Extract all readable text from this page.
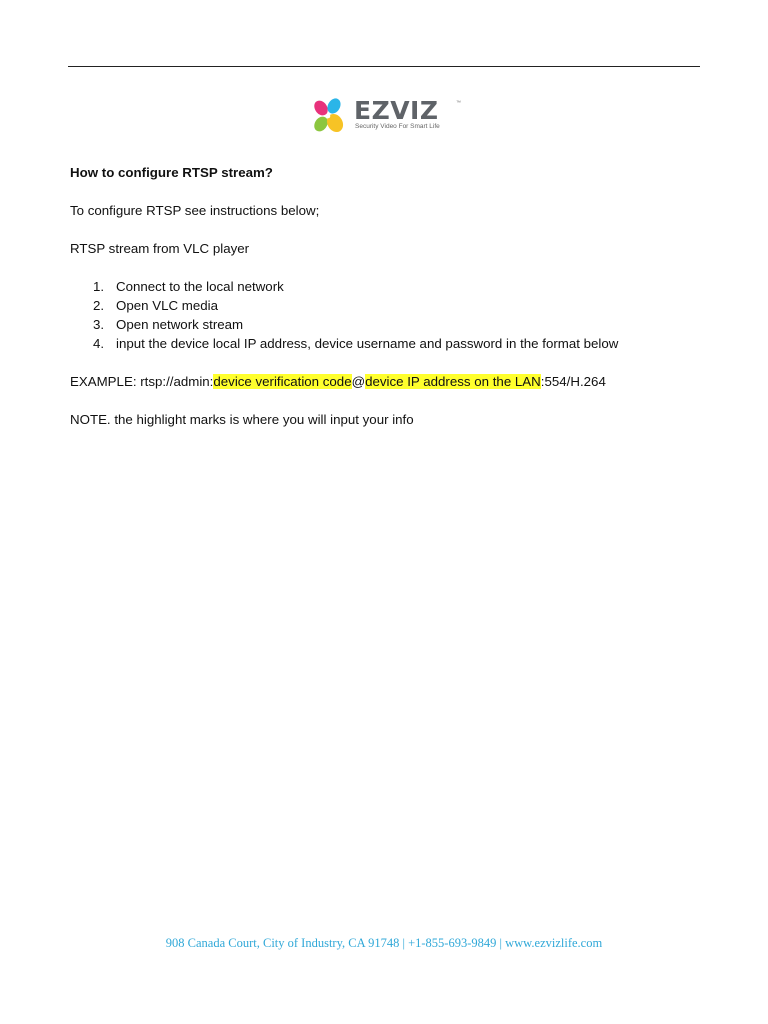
EZVIZ	™
Security Video For Smart Life
How to configure RTSP stream?
To configure RTSP see instructions below;
RTSP stream from VLC player
1. Connect to the local network
2. Open VLC media
3. Open network stream
4. input the device local IP address, device username and password in the format below
EXAMPLE: rtsp://admin:device verification code@device IP address on the LAN:554/H.264
NOTE. the highlight marks is where you will input your info
908 Canada Court, City of Industry, CA 91748 | +1-855-693-9849 | www.ezvizlife.com
